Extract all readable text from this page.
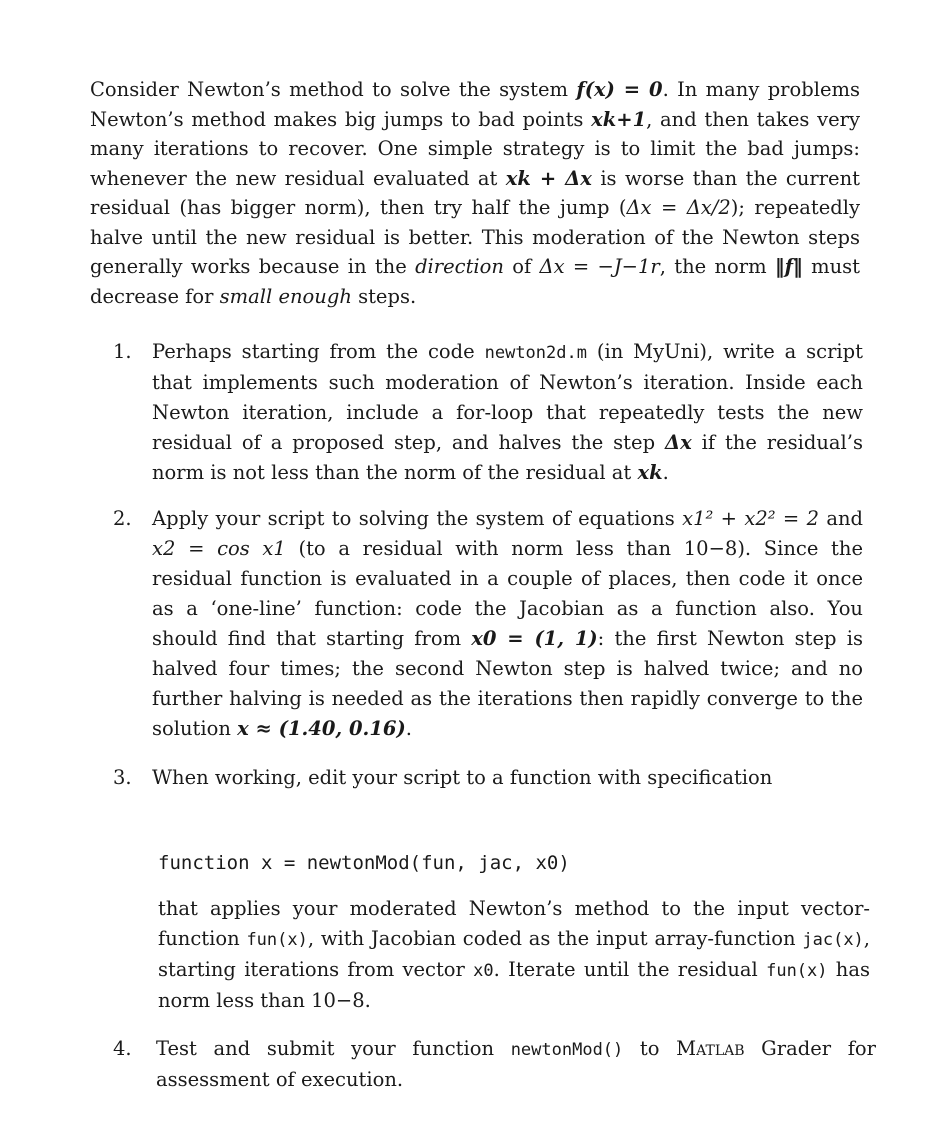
Consider Newton’s method to solve the system f(x) = 0. In many problems Newton’s method makes big jumps to bad points xk+1, and then takes very many iterations to recover. One simple strategy is to limit the bad jumps: whenever the new residual evaluated at xk + Δx is worse than the current residual (has bigger norm), then try half the jump (Δx = Δx/2); repeatedly halve until the new residual is better. This moderation of the Newton steps generally works because in the direction of Δx = −J−1r, the norm ‖f‖ must decrease for small enough steps.
1.	Perhaps starting from the code newton2d.m (in MyUni), write a script that implements such moderation of Newton’s iteration. Inside each Newton iteration, include a for-loop that repeatedly tests the new residual of a proposed step, and halves the step Δx if the residual’s norm is not less than the norm of the residual at xk.
2.	Apply your script to solving the system of equations x1² + x2² = 2 and x2 = cos x1 (to a residual with norm less than 10−8). Since the residual function is evaluated in a couple of places, then code it once as a ‘one-line’ function: code the Jacobian as a function also. You should find that starting from x0 = (1, 1): the first Newton step is halved four times; the second Newton step is halved twice; and no further halving is needed as the iterations then rapidly converge to the solution x ≈ (1.40, 0.16).
3.	When working, edit your script to a function with specification
function x = newtonMod(fun, jac, x0)
that applies your moderated Newton’s method to the input vector-function fun(x), with Jacobian coded as the input array-function jac(x), starting iterations from vector x0. Iterate until the residual fun(x) has norm less than 10−8.
4.	Test and submit your function newtonMod() to Matlab Grader for assessment of execution.
